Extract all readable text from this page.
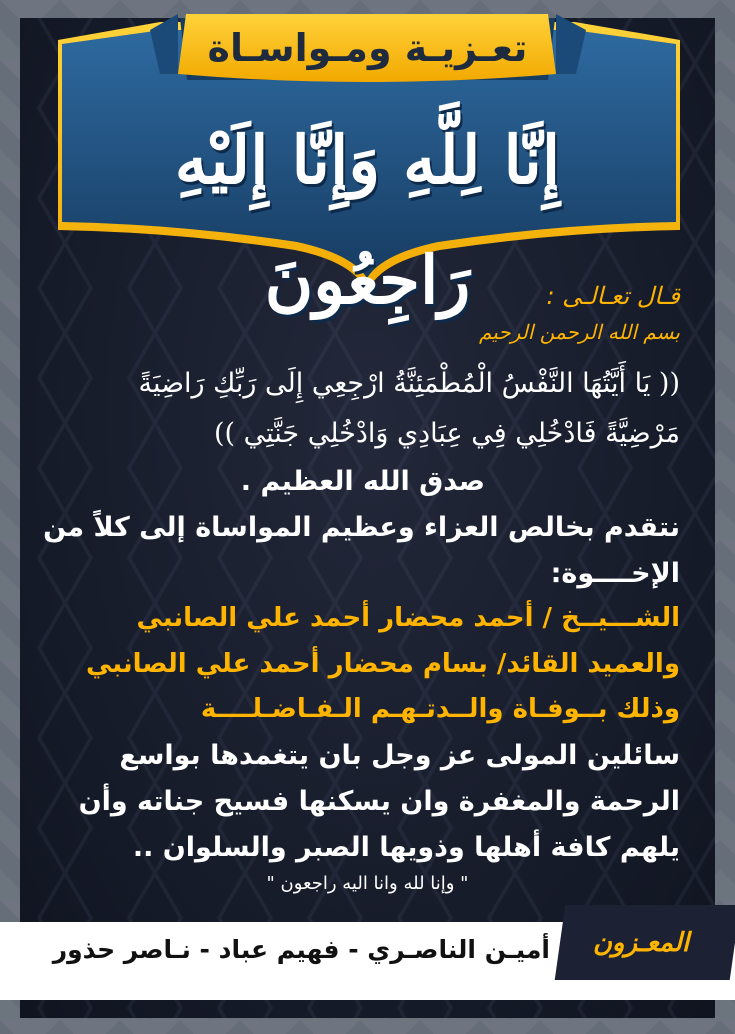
تعـزيـة ومـواسـاة
إِنَّا لِلَّهِ وَإِنَّا إِلَيْهِ رَاجِعُونَ	قـال تعـالـى :
بسم الله الرحمن الرحيم
(( يَا أَيَّتُهَا النَّفْسُ الْمُطْمَئِنَّةُ ارْجِعِي إِلَى رَبِّكِ رَاضِيَةً
مَرْضِيَّةً فَادْخُلِي فِي عِبَادِي وَادْخُلِي جَنَّتِي ))
صدق الله العظيم .
نتقدم بخالص العزاء وعظيم المواساة إلى كلاً من
الإخــــوة:
الشـــيــخ / أحمد محضار أحمد علي الصانبي
والعميد القائد/ بسام محضار أحمد علي الصانبي
وذلك بــوفـاة والــدتـهـم الـفـاضـلــــة
سائلين المولى عز وجل بان يتغمدها بواسع
الرحمة والمغفرة وان يسكنها فسيح جناته وأن
يلهم كافة أهلها وذويها الصبر والسلوان ..
" وإنا لله وانا اليه راجعون "
المعـزون
أميـن الناصـري - فهيم عباد - نـاصر حذور
